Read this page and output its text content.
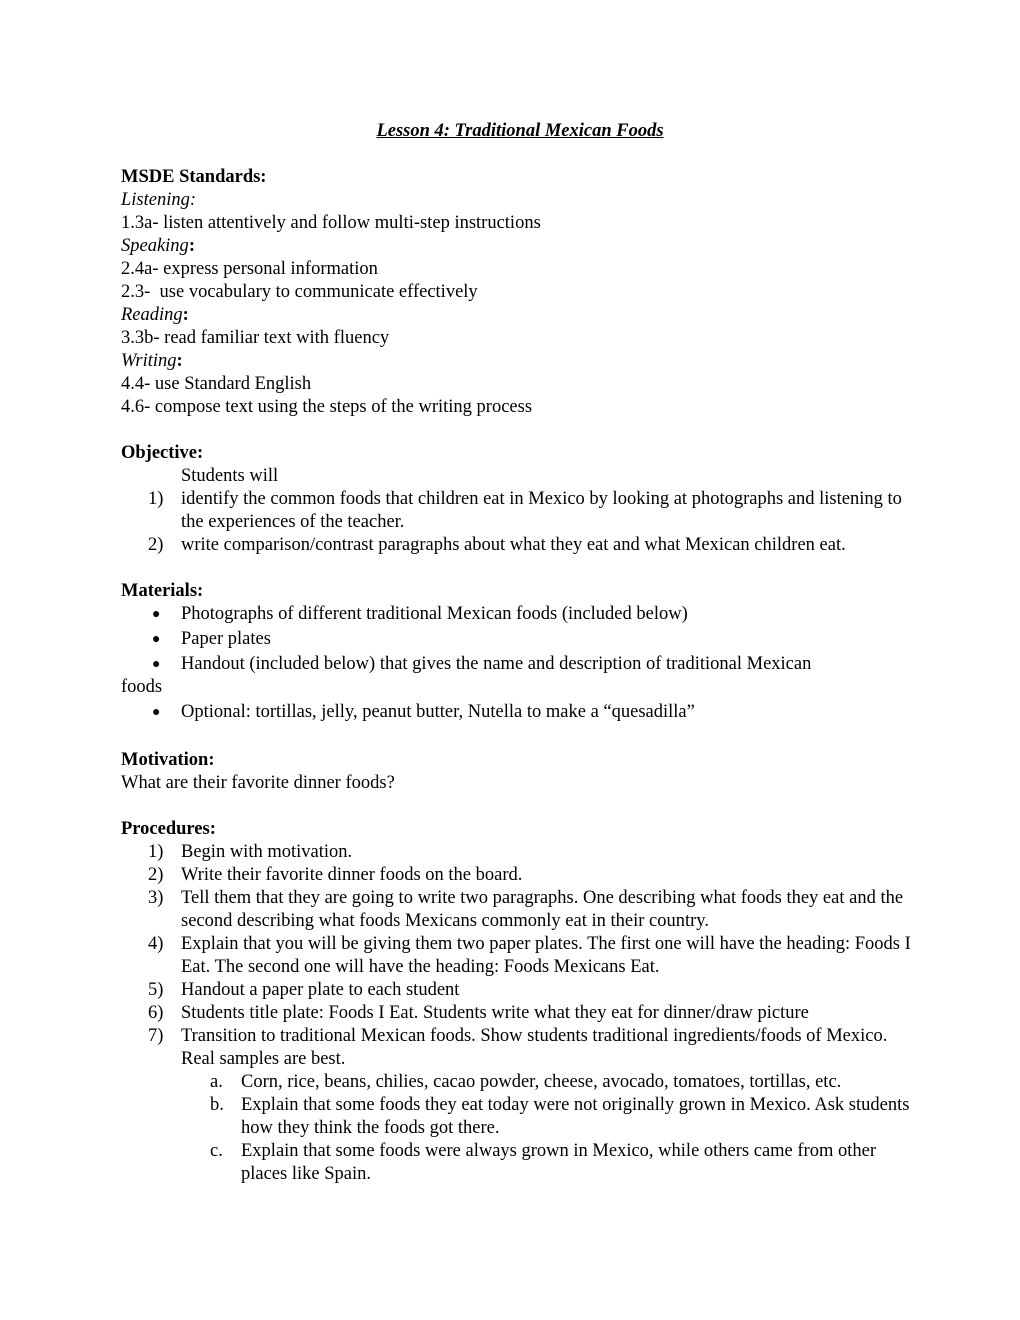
Lesson 4: Traditional Mexican Foods
MSDE Standards:
Listening:
1.3a- listen attentively and follow multi-step instructions
Speaking:
2.4a- express personal information
2.3-  use vocabulary to communicate effectively
Reading:
3.3b- read familiar text with fluency
Writing:
4.4- use Standard English
4.6- compose text using the steps of the writing process
Objective:
Students will
1) identify the common foods that children eat in Mexico by looking at photographs and listening to the experiences of the teacher.
2) write comparison/contrast paragraphs about what they eat and what Mexican children eat.
Materials:
● Photographs of different traditional Mexican foods (included below)
● Paper plates
● Handout (included below) that gives the name and description of traditional Mexican
foods
● Optional: tortillas, jelly, peanut butter, Nutella to make a “quesadilla”
Motivation:
What are their favorite dinner foods?
Procedures:
1) Begin with motivation.
2) Write their favorite dinner foods on the board.
3) Tell them that they are going to write two paragraphs. One describing what foods they eat and the second describing what foods Mexicans commonly eat in their country.
4) Explain that you will be giving them two paper plates. The first one will have the heading: Foods I Eat. The second one will have the heading: Foods Mexicans Eat.
5) Handout a paper plate to each student
6) Students title plate: Foods I Eat. Students write what they eat for dinner/draw picture
7) Transition to traditional Mexican foods. Show students traditional ingredients/foods of Mexico. Real samples are best.
a. Corn, rice, beans, chilies, cacao powder, cheese, avocado, tomatoes, tortillas, etc.
b. Explain that some foods they eat today were not originally grown in Mexico. Ask students how they think the foods got there.
c. Explain that some foods were always grown in Mexico, while others came from other places like Spain.
